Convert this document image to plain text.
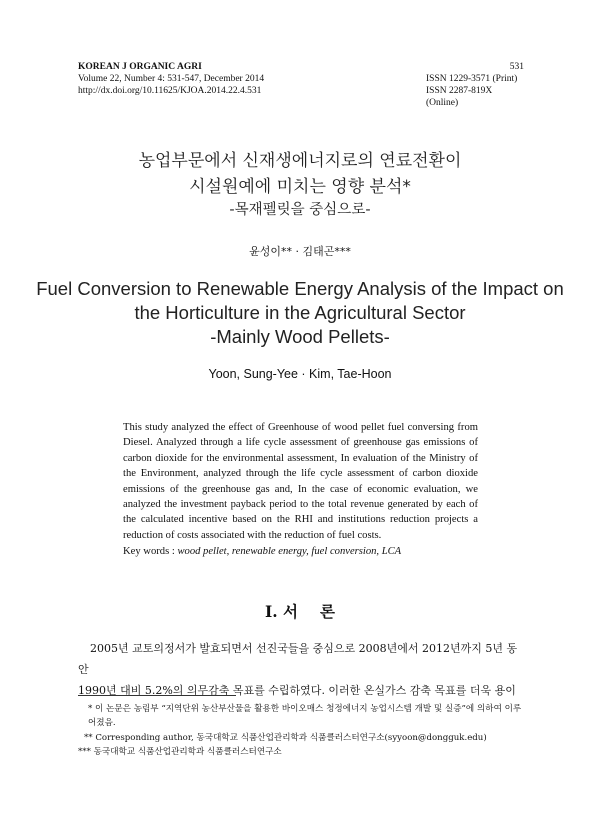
KOREAN J ORGANIC AGRI
Volume 22, Number 4: 531-547, December 2014
http://dx.doi.org/10.11625/KJOA.2014.22.4.531
531
ISSN 1229-3571 (Print)
ISSN 2287-819X (Online)
농업부문에서 신재생에너지로의 연료전환이
시설원예에 미치는 영향 분석*
-목재펠릿을 중심으로-
윤성이** · 김태곤***
Fuel Conversion to Renewable Energy Analysis of the Impact on
the Horticulture in the Agricultural Sector
-Mainly Wood Pellets-
Yoon, Sung-Yee · Kim, Tae-Hoon
This study analyzed the effect of Greenhouse of wood pellet fuel conversing from Diesel. Analyzed through a life cycle assessment of greenhouse gas emissions of carbon dioxide for the environmental assessment, In evaluation of the Ministry of the Environment, analyzed through the life cycle assessment of carbon dioxide emissions of the greenhouse gas and, In the case of economic evaluation, we analyzed the investment payback period to the total revenue generated by each of the calculated incentive based on the RHI and institutions reduction projects a reduction of costs associated with the reduction of fuel costs.
Key words : wood pellet, renewable energy, fuel conversion, LCA
Ⅰ. 서 론
2005년 교토의정서가 발효되면서 선진국들을 중심으로 2008년에서 2012년까지 5년 동안
1990년 대비 5.2%의 의무감축 목표를 수립하였다. 이러한 온실가스 감축 목표를 더욱 용이
* 이 논문은 농림부 “지역단위 농산부산물을 활용한 바이오매스 청정에너지 농업시스템 개발 및 실증”에 의하여 이루어졌음.
** Corresponding author, 동국대학교 식품산업관리학과 식품클러스터연구소(syyoon@dongguk.edu)
*** 동국대학교 식품산업관리학과 식품클러스터연구소
